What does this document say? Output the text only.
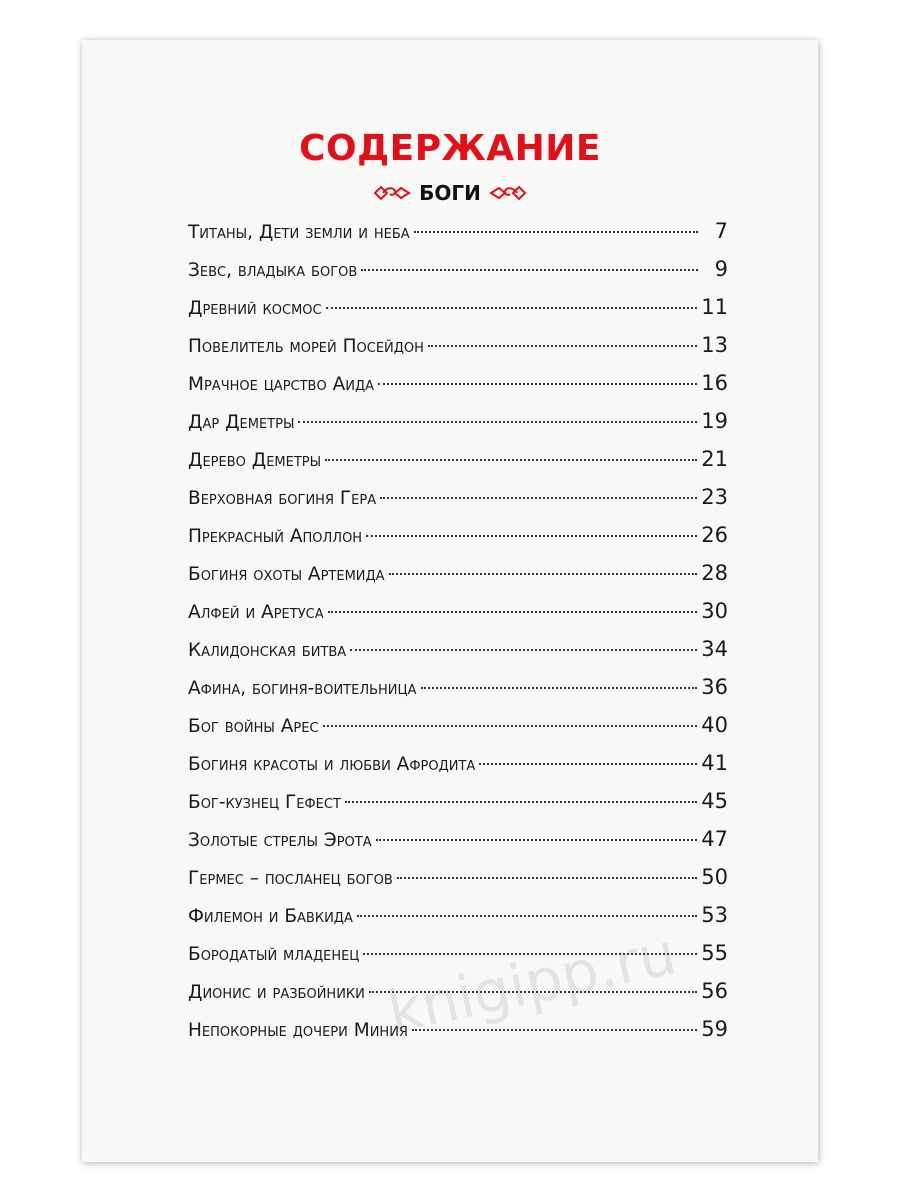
СОДЕРЖАНИЕ
БОГИ
Титаны, Дети земли и неба	7
Зевс, владыка богов	9
Древний космос	11
Повелитель морей Посейдон	13
Мрачное царство Аида	16
Дар Деметры	19
Дерево Деметры	21
Верховная богиня Гера	23
Прекрасный Аполлон	26
Богиня охоты Артемида	28
Алфей и Аретуса	30
Калидонская битва	34
Афина, богиня-воительница	36
Бог войны Арес	40
Богиня красоты и любви Афродита	41
Бог-кузнец Гефест	45
Золотые стрелы Эрота	47
Гермес – посланец богов	50
Филемон и Бавкида	53
Бородатый младенец	55
Дионис и разбойники	56
Непокорные дочери Миния	59
knigipp.ru
